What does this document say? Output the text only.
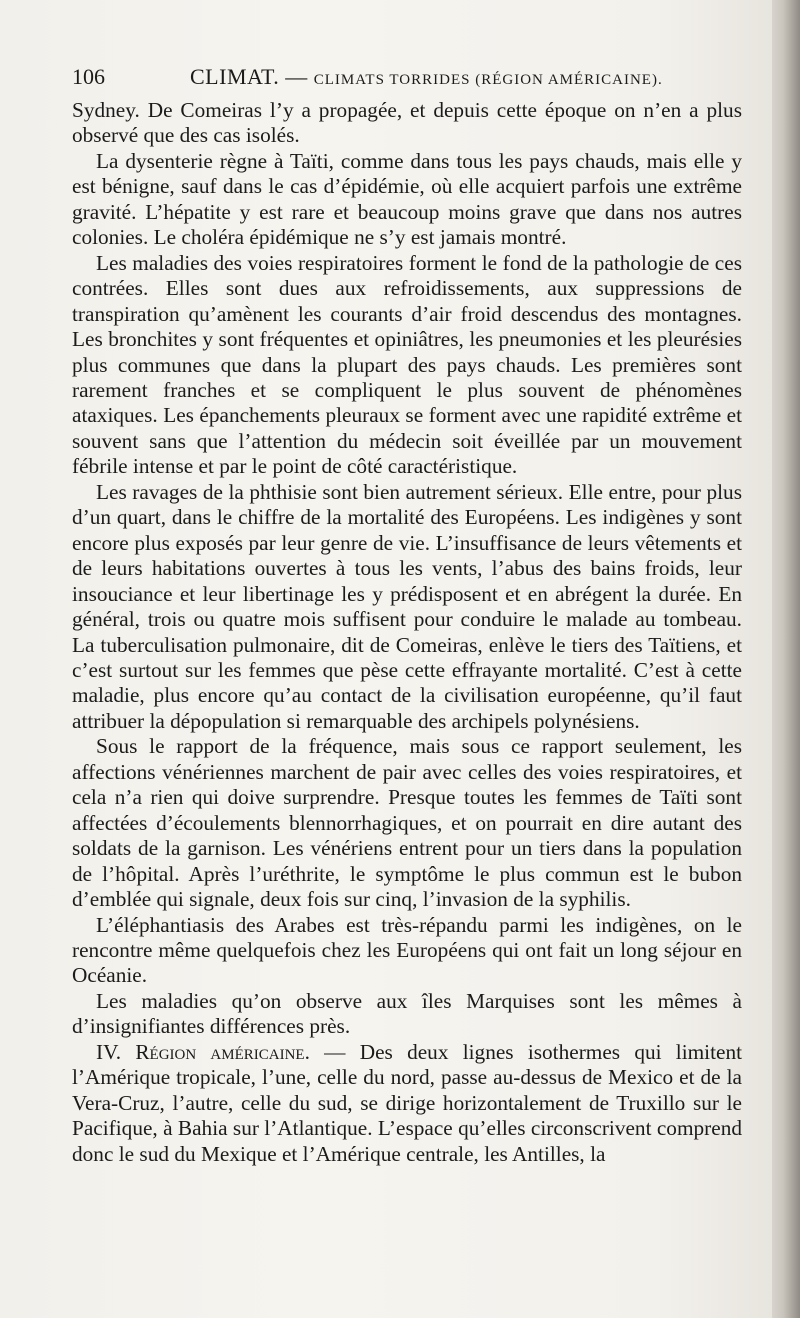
106	CLIMAT. — CLIMATS TORRIDES (RÉGION AMÉRICAINE).

Sydney. De Comeiras l’y a propagée, et depuis cette époque on n’en a plus observé que des cas isolés.

La dysenterie règne à Taïti, comme dans tous les pays chauds, mais elle y est bénigne, sauf dans le cas d’épidémie, où elle acquiert parfois une extrême gravité. L’hépatite y est rare et beaucoup moins grave que dans nos autres colonies. Le choléra épidémique ne s’y est jamais montré.

Les maladies des voies respiratoires forment le fond de la pathologie de ces contrées. Elles sont dues aux refroidissements, aux suppressions de transpiration qu’amènent les courants d’air froid descendus des montagnes. Les bronchites y sont fréquentes et opiniâtres, les pneumonies et les pleurésies plus communes que dans la plupart des pays chauds. Les premières sont rarement franches et se compliquent le plus souvent de phénomènes ataxiques. Les épanchements pleuraux se forment avec une rapidité extrême et souvent sans que l’attention du médecin soit éveillée par un mouvement fébrile intense et par le point de côté caractéristique.

Les ravages de la phthisie sont bien autrement sérieux. Elle entre, pour plus d’un quart, dans le chiffre de la mortalité des Européens. Les indigènes y sont encore plus exposés par leur genre de vie. L’insuffisance de leurs vêtements et de leurs habitations ouvertes à tous les vents, l’abus des bains froids, leur insouciance et leur libertinage les y prédisposent et en abrégent la durée. En général, trois ou quatre mois suffisent pour conduire le malade au tombeau. La tuberculisation pulmonaire, dit de Comeiras, enlève le tiers des Taïtiens, et c’est surtout sur les femmes que pèse cette effrayante mortalité. C’est à cette maladie, plus encore qu’au contact de la civilisation européenne, qu’il faut attribuer la dépopulation si remarquable des archipels polynésiens.

Sous le rapport de la fréquence, mais sous ce rapport seulement, les affections vénériennes marchent de pair avec celles des voies respiratoires, et cela n’a rien qui doive surprendre. Presque toutes les femmes de Taïti sont affectées d’écoulements blennorrhagiques, et on pourrait en dire autant des soldats de la garnison. Les vénériens entrent pour un tiers dans la population de l’hôpital. Après l’uréthrite, le symptôme le plus commun est le bubon d’emblée qui signale, deux fois sur cinq, l’invasion de la syphilis.

L’éléphantiasis des Arabes est très-répandu parmi les indigènes, on le rencontre même quelquefois chez les Européens qui ont fait un long séjour en Océanie.

Les maladies qu’on observe aux îles Marquises sont les mêmes à d’insignifiantes différences près.

IV. Région américaine. — Des deux lignes isothermes qui limitent l’Amérique tropicale, l’une, celle du nord, passe au-dessus de Mexico et de la Vera-Cruz, l’autre, celle du sud, se dirige horizontalement de Truxillo sur le Pacifique, à Bahia sur l’Atlantique. L’espace qu’elles circonscrivent comprend donc le sud du Mexique et l’Amérique centrale, les Antilles, la
